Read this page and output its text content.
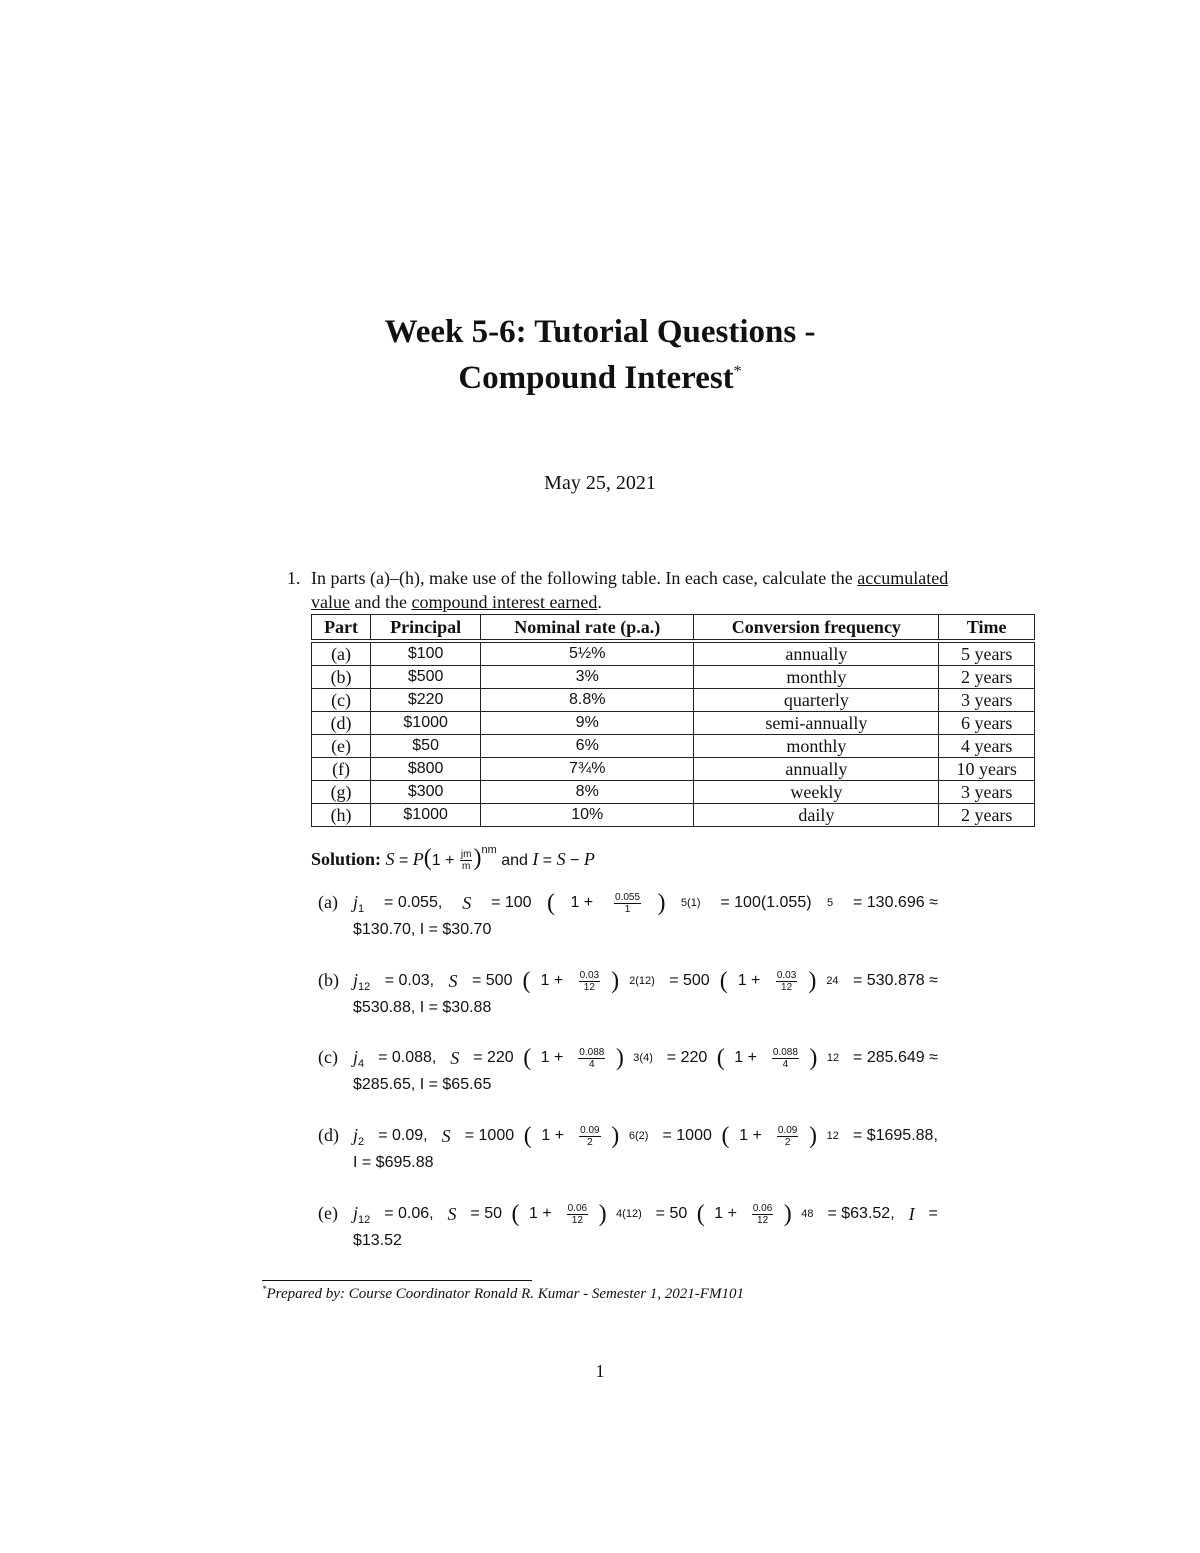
Week 5-6: Tutorial Questions -
Compound Interest*
May 25, 2021
1. In parts (a)–(h), make use of the following table. In each case, calculate the accumulated value and the compound interest earned.
Part	Principal	Nominal rate (p.a.)	Conversion frequency	Time
(a)	$100	5½%	annually	5 years
(b)	$500	3%	monthly	2 years
(c)	$220	8.8%	quarterly	3 years
(d)	$1000	9%	semi-annually	6 years
(e)	$50	6%	monthly	4 years
(f)	$800	7¾%	annually	10 years
(g)	$300	8%	weekly	3 years
(h)	$1000	10%	daily	2 years
Solution: $S = P(1 + \frac{jm}{m} )^{nm}$ and I = S − P
(a) $j_1 = 0.055$, S = 100 ( $1 + \frac{0.055}{1}$ ) 5(1) = 100(1.055) 5 = 130.696 ≈
$130.70, I = $30.70
(b) $j_{12} = 0.03$, S = 500 ( $1 + \frac{0.03}{12}$ ) 2(12) = 500 ( $1 + \frac{0.03}{12}$ ) 24 = 530.878 ≈
$530.88, I = $30.88
(c) $j_4 = 0.088$, S = 220 ( $1 + \frac{0.088}{4}$ ) 3(4) = 220 ( $1 + \frac{0.088}{4}$ ) 12 = 285.649 ≈
$285.65, I = $65.65
(d) $j_2 = 0.09$, S = 1000 ( $1 + \frac{0.09}{2}$ ) 6(2) = 1000 ( $1 + \frac{0.09}{2}$ ) 12 = $1695.88,
I = $695.88
(e) $j_{12} = 0.06$, S = 50 ( $1 + \frac{0.06}{12}$ ) 4(12) = 50 ( $1 + \frac{0.06}{12}$ ) 48 = $63.52, I =
$13.52
*Prepared by: Course Coordinator Ronald R. Kumar - Semester 1, 2021-FM101
1
